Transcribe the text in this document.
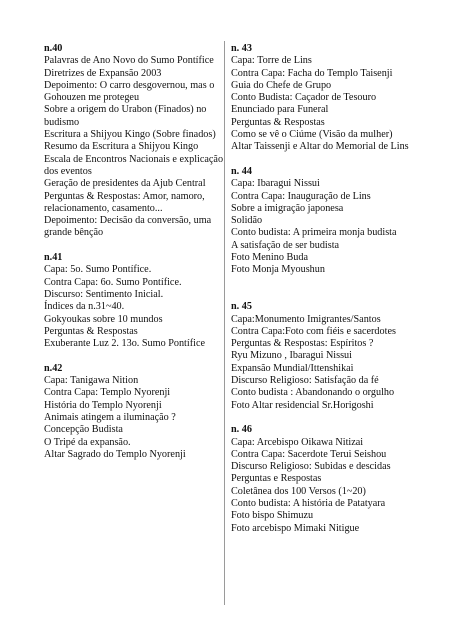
n.40
Palavras de Ano Novo do Sumo Pontífice
Diretrizes de Expansão 2003
Depoimento: O carro desgovernou, mas o Gohouzen me protegeu
Sobre a origem do Urabon (Finados) no budismo
Escritura a Shijyou Kingo (Sobre finados)
Resumo da Escritura a Shijyou Kingo
Escala de Encontros Nacionais e explicação dos eventos
Geração de presidentes da Ajub Central
Perguntas & Respostas: Amor, namoro, relacionamento, casamento...
Depoimento: Decisão da conversão, uma grande bênção
n.41
Capa: 5o. Sumo Pontífice.
Contra Capa: 6o. Sumo Pontífice.
Discurso: Sentimento Inicial.
Índices da n.31~40.
Gokyoukas sobre 10 mundos
Perguntas & Respostas
Exuberante Luz 2. 13o. Sumo Pontífice
n.42
Capa: Tanigawa Nition
Contra Capa: Templo Nyorenji
História do Templo Nyorenji
Animais atingem a iluminação ?
Concepção Budista
O Tripé da expansão.
Altar Sagrado do Templo Nyorenji
n. 43
Capa: Torre de Lins
Contra Capa: Facha do Templo Taisenji
Guia do Chefe de Grupo
Conto Budista: Caçador de Tesouro
Enunciado para Funeral
Perguntas & Respostas
Como se vê o Ciúme (Visão da mulher)
Altar Taissenji e Altar do Memorial de Lins
n. 44
Capa: Ibaragui Nissui
Contra Capa: Inauguração de Lins
Sobre a imigração japonesa
Solidão
Conto budista: A primeira monja budista
A satisfação de ser budista
Foto Menino Buda
Foto Monja Myoushun
n. 45
Capa:Monumento Imigrantes/Santos
Contra Capa:Foto com fiéis e sacerdotes
Perguntas & Respostas: Espíritos ?
Ryu Mizuno , Ibaragui Nissui
Expansão Mundial/Ittenshikai
Discurso Religioso: Satisfação da fé
Conto budista : Abandonando o orgulho
Foto Altar residencial Sr.Horigoshi
n. 46
Capa: Arcebispo Oikawa Nitizai
Contra Capa: Sacerdote Terui Seishou
Discurso Religioso: Subidas e descidas
Perguntas e Respostas
Coletânea dos 100 Versos (1~20)
Conto budista: A história de Patatyara
Foto bispo Shimuzu
Foto arcebispo Mimaki Nitigue
